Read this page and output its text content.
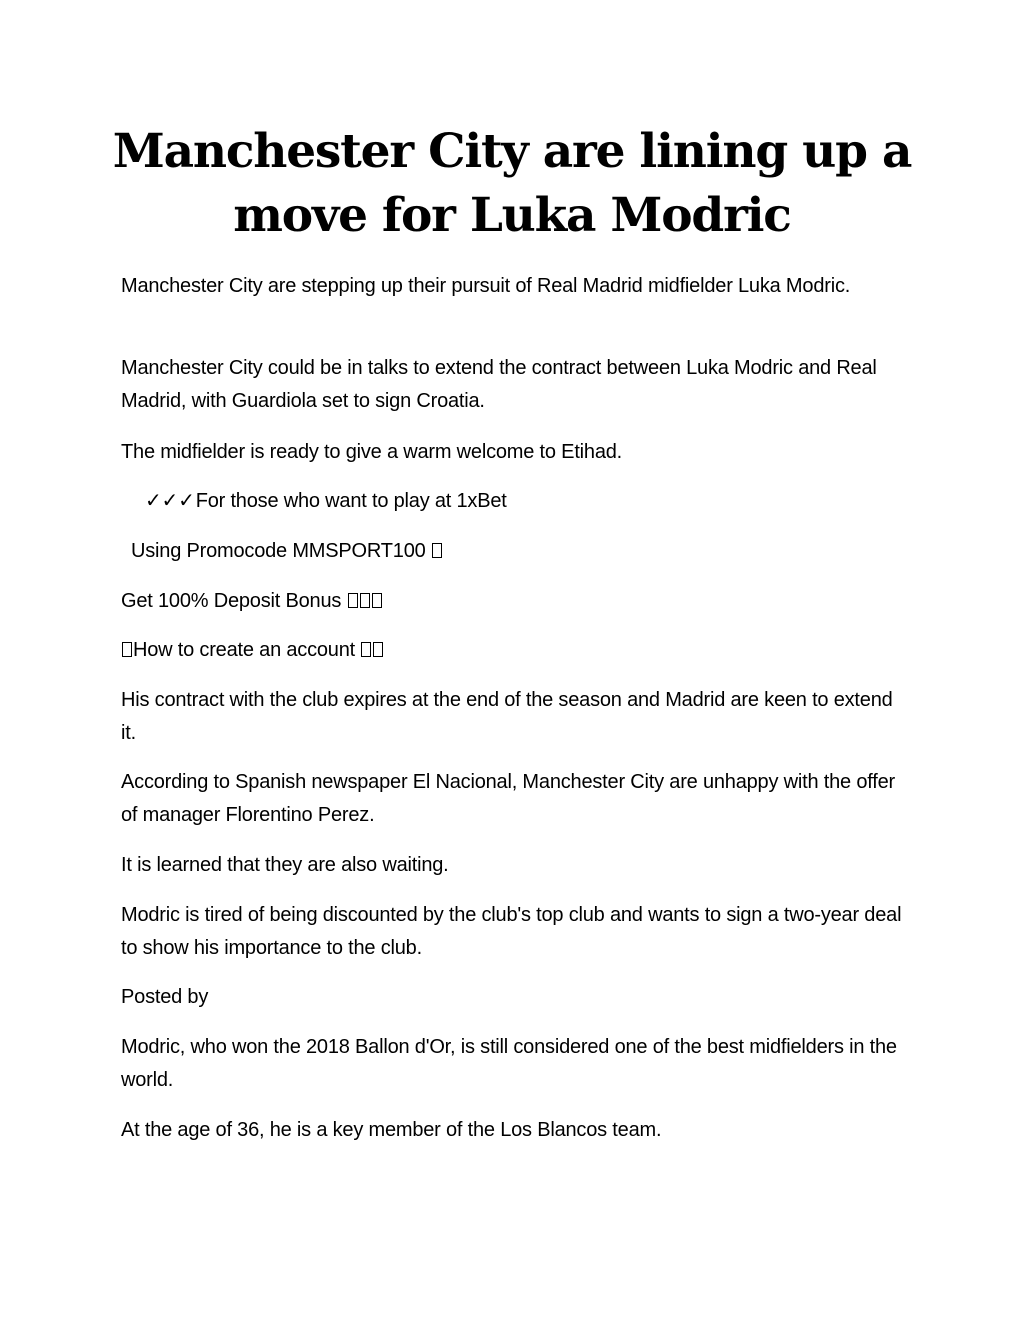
Manchester City are lining up a
move for Luka Modric

Manchester City are stepping up their pursuit of Real Madrid midfielder Luka Modric.

Manchester City could be in talks to extend the contract between Luka Modric and Real Madrid, with Guardiola set to sign Croatia.

The midfielder is ready to give a warm welcome to Etihad.

✓✓✓For those who want to play at 1xBet

Using Promocode MMSPORT100

Get 100% Deposit Bonus

How to create an account

His contract with the club expires at the end of the season and Madrid are keen to extend it.

According to Spanish newspaper El Nacional, Manchester City are unhappy with the offer of manager Florentino Perez.

It is learned that they are also waiting.

Modric is tired of being discounted by the club's top club and wants to sign a two-year deal to show his importance to the club.

Posted by

Modric, who won the 2018 Ballon d'Or, is still considered one of the best midfielders in the world.

At the age of 36, he is a key member of the Los Blancos team.
